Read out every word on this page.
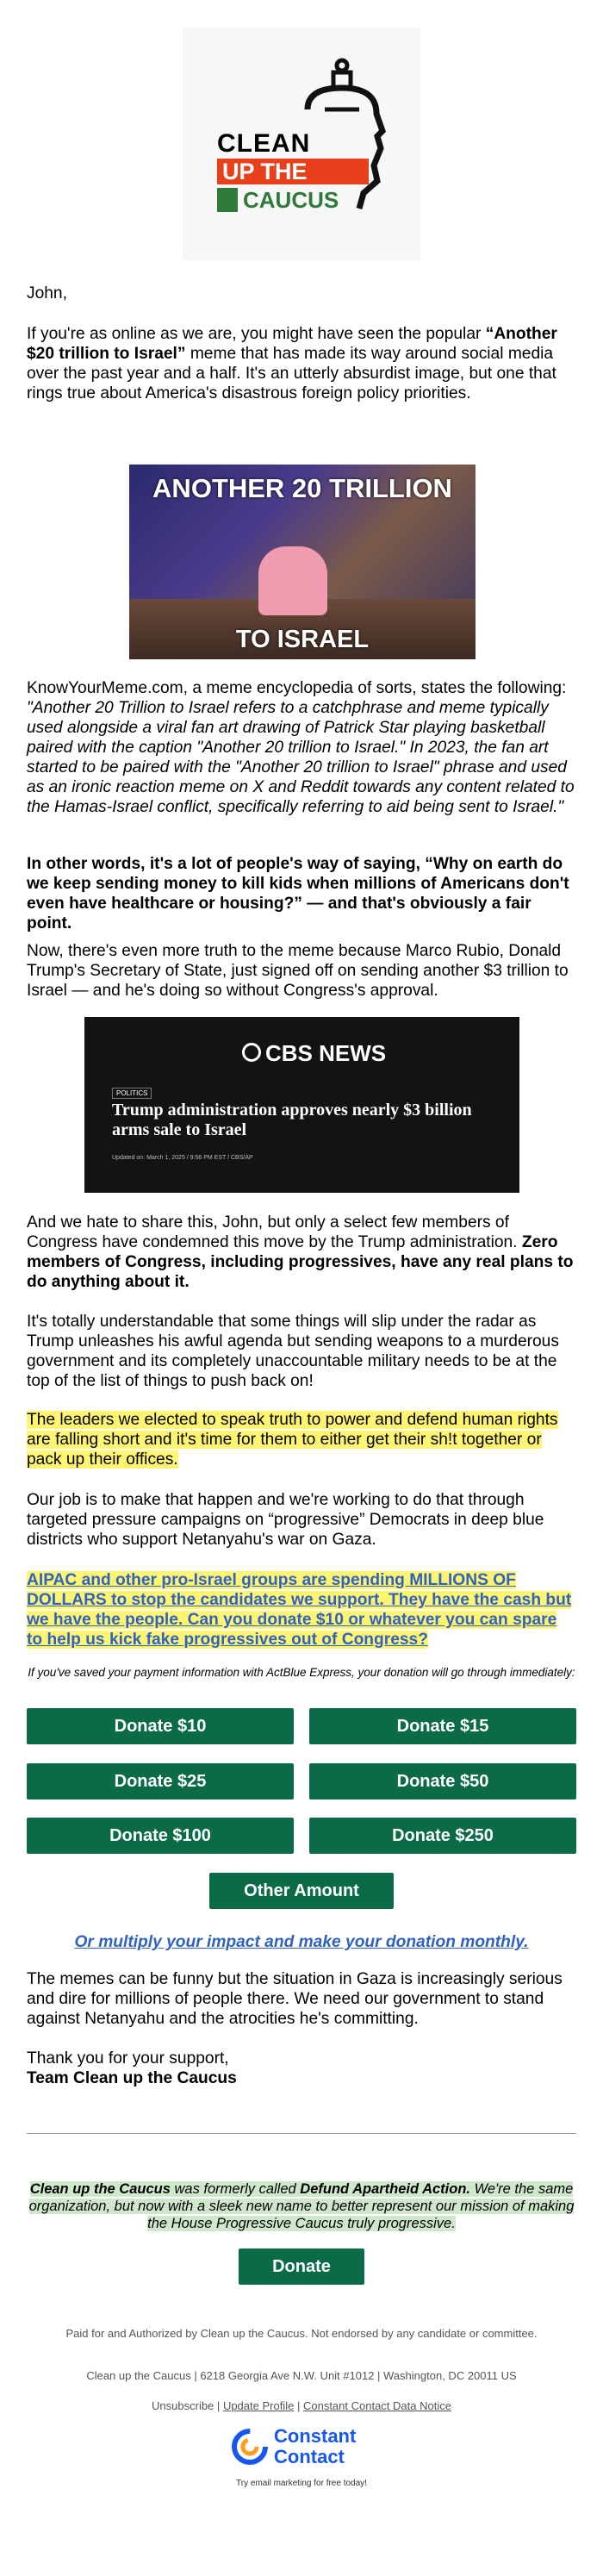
CLEAN
UP THE
CAUCUS

John,

If you're as online as we are, you might have seen the popular “Another $20 trillion to Israel” meme that has made its way around social media over the past year and a half. It's an utterly absurdist image, but one that rings true about America's disastrous foreign policy priorities.

ANOTHER 20 TRILLION
TO ISRAEL

KnowYourMeme.com, a meme encyclopedia of sorts, states the following: "Another 20 Trillion to Israel refers to a catchphrase and meme typically used alongside a viral fan art drawing of Patrick Star playing basketball paired with the caption "Another 20 trillion to Israel." In 2023, the fan art started to be paired with the "Another 20 trillion to Israel" phrase and used as an ironic reaction meme on X and Reddit towards any content related to the Hamas-Israel conflict, specifically referring to aid being sent to Israel."

In other words, it's a lot of people's way of saying, “Why on earth do we keep sending money to kill kids when millions of Americans don't even have healthcare or housing?” — and that's obviously a fair point.

Now, there's even more truth to the meme because Marco Rubio, Donald Trump's Secretary of State, just signed off on sending another $3 trillion to Israel — and he's doing so without Congress's approval.

CBS NEWS
POLITICS
Trump administration approves nearly $3 billion arms sale to Israel
Updated on: March 1, 2025 / 9:56 PM EST / CBS/AP

And we hate to share this, John, but only a select few members of Congress have condemned this move by the Trump administration. Zero members of Congress, including progressives, have any real plans to do anything about it.

It's totally understandable that some things will slip under the radar as Trump unleashes his awful agenda but sending weapons to a murderous government and its completely unaccountable military needs to be at the top of the list of things to push back on!

The leaders we elected to speak truth to power and defend human rights are falling short and it's time for them to either get their sh!t together or pack up their offices.

Our job is to make that happen and we're working to do that through targeted pressure campaigns on “progressive” Democrats in deep blue districts who support Netanyahu's war on Gaza.

AIPAC and other pro-Israel groups are spending MILLIONS OF DOLLARS to stop the candidates we support. They have the cash but we have the people. Can you donate $10 or whatever you can spare to help us kick fake progressives out of Congress?

If you've saved your payment information with ActBlue Express, your donation will go through immediately:
Donate $10	Donate $15
Donate $25	Donate $50
Donate $100	Donate $250
Other Amount
Or multiply your impact and make your donation monthly.

The memes can be funny but the situation in Gaza is increasingly serious and dire for millions of people there. We need our government to stand against Netanyahu and the atrocities he's committing.

Thank you for your support,

Team Clean up the Caucus

Clean up the Caucus was formerly called Defund Apartheid Action. We're the same organization, but now with a sleek new name to better represent our mission of making the House Progressive Caucus truly progressive.
Donate
Paid for and Authorized by Clean up the Caucus. Not endorsed by any candidate or committee.
Clean up the Caucus | 6218 Georgia Ave N.W. Unit #1012 | Washington, DC 20011 US
Unsubscribe | Update Profile | Constant Contact Data Notice
Constant
Contact
Try email marketing for free today!
